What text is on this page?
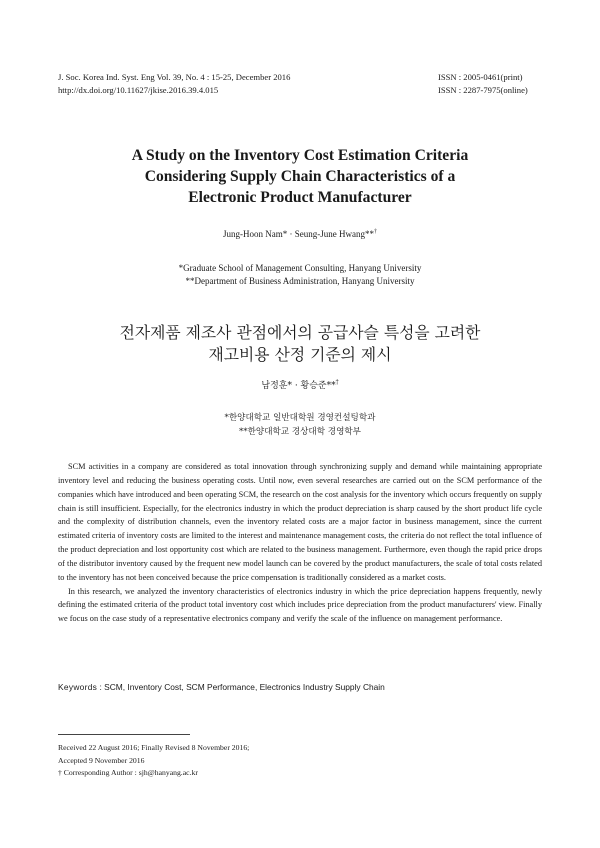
J. Soc. Korea Ind. Syst. Eng Vol. 39, No. 4 : 15-25, December 2016
http://dx.doi.org/10.11627/jkise.2016.39.4.015
ISSN : 2005-0461(print)
ISSN : 2287-7975(online)
A Study on the Inventory Cost Estimation Criteria
Considering Supply Chain Characteristics of a
Electronic Product Manufacturer
Jung-Hoon Nam* · Seung-June Hwang**†
*Graduate School of Management Consulting, Hanyang University
**Department of Business Administration, Hanyang University
전자제품 제조사 관점에서의 공급사슬 특성을 고려한
재고비용 산정 기준의 제시
남정훈* · 황승준**†
*한양대학교 일반대학원 경영컨설팅학과
**한양대학교 경상대학 경영학부

SCM activities in a company are considered as total innovation through synchronizing supply and demand while maintaining appropriate inventory level and reducing the business operating costs. Until now, even several researches are carried out on the SCM performance of the companies which have introduced and been operating SCM, the research on the cost analysis for the inventory which occurs frequently on supply chain is still insufficient. Especially, for the electronics industry in which the product depreciation is sharp caused by the short product life cycle and the complexity of distribution channels, even the inventory related costs are a major factor in business management, since the current estimated criteria of inventory costs are limited to the interest and maintenance management costs, the criteria do not reflect the total influence of the product depreciation and lost opportunity cost which are related to the business management. Furthermore, even though the rapid price drops of the distributor inventory caused by the frequent new model launch can be covered by the product manufacturers, the scale of total costs related to the inventory has not been conceived because the price compensation is traditionally considered as a market costs.

In this research, we analyzed the inventory characteristics of electronics industry in which the price depreciation happens frequently, newly defining the estimated criteria of the product total inventory cost which includes price depreciation from the product manufacturers' view. Finally we focus on the case study of a representative electronics company and verify the scale of the influence on management performance.

Keywords : SCM, Inventory Cost, SCM Performance, Electronics Industry Supply Chain
Received 22 August 2016; Finally Revised 8 November 2016;
Accepted 9 November 2016
† Corresponding Author : sjh@hanyang.ac.kr
